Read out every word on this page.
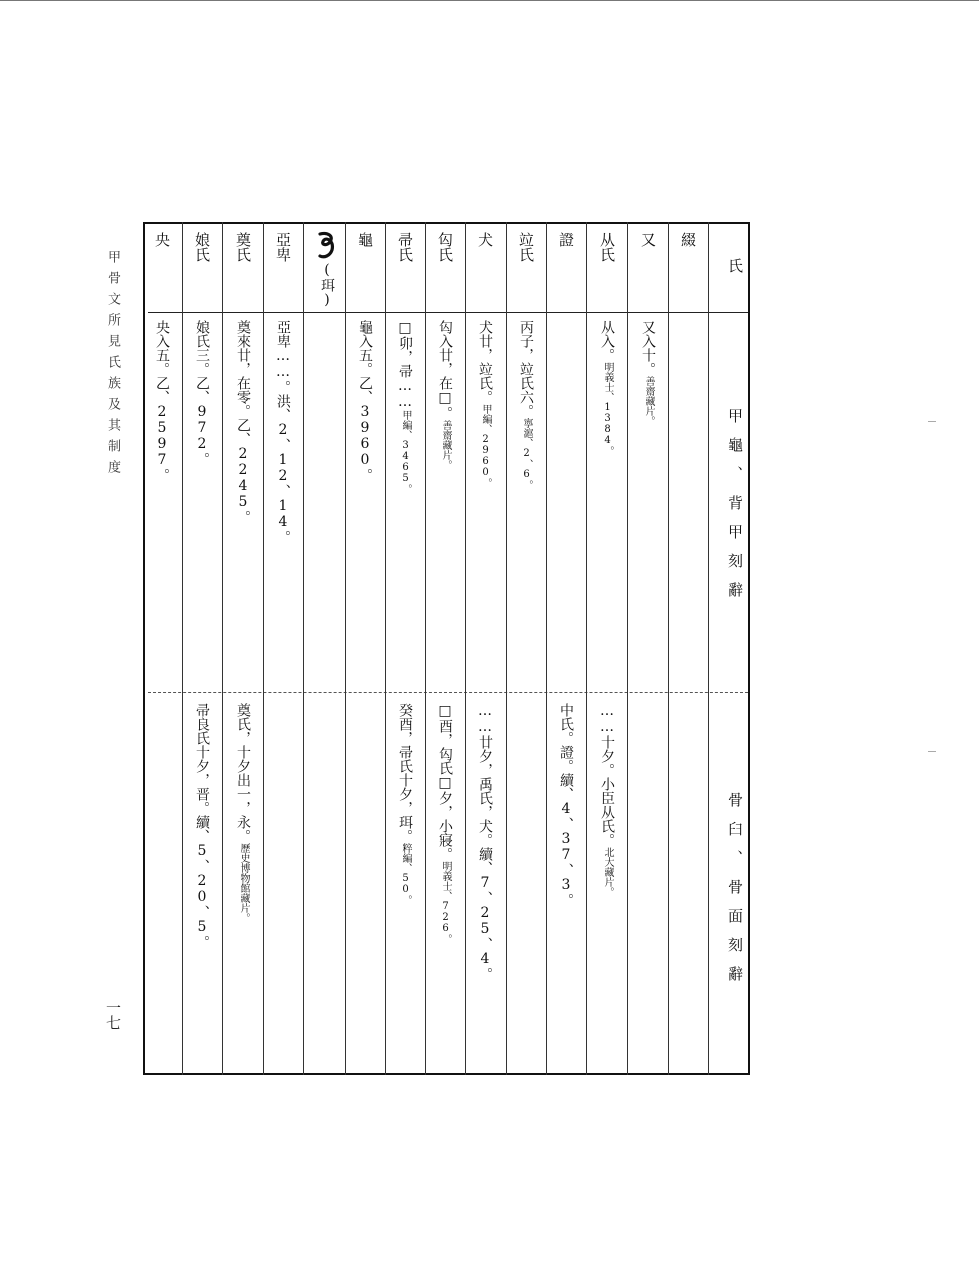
甲骨文所見氏族及其制度
一七
氏
甲龜、背甲刻辭
骨臼、骨面刻辭
綴
又
又入十。善齋藏片。
从氏
从入。明義士、1384。
……十夕。小臣从氏。北大藏片。
證
中氏。證。續、4、37、3。
竝氏
丙子，竝氏六。寧滬、2、6。
犬
犬廿，竝氏。甲編、2960。
……廿夕，禹氏，犬。續、7、25、4。
匃氏
匃入廿，在□。善齋藏片。
□酉，匃氏□夕，小寢。明義士、726。
帚氏
□卯，帚……甲編、3465。
癸酉，帚氏十夕，珥。粹編、50。
龜
龜入五。乙、3960。
(珥)
亞卑
亞卑……。洪、2、12、14。
奠氏
奠來廿，在零。乙、2245。
奠氏，十夕出一，永。歷史博物館藏片。
娘氏
娘氏三。乙、972。
帚良氏十夕，晋。續、5、20、5。
央
央入五。乙、2597。
